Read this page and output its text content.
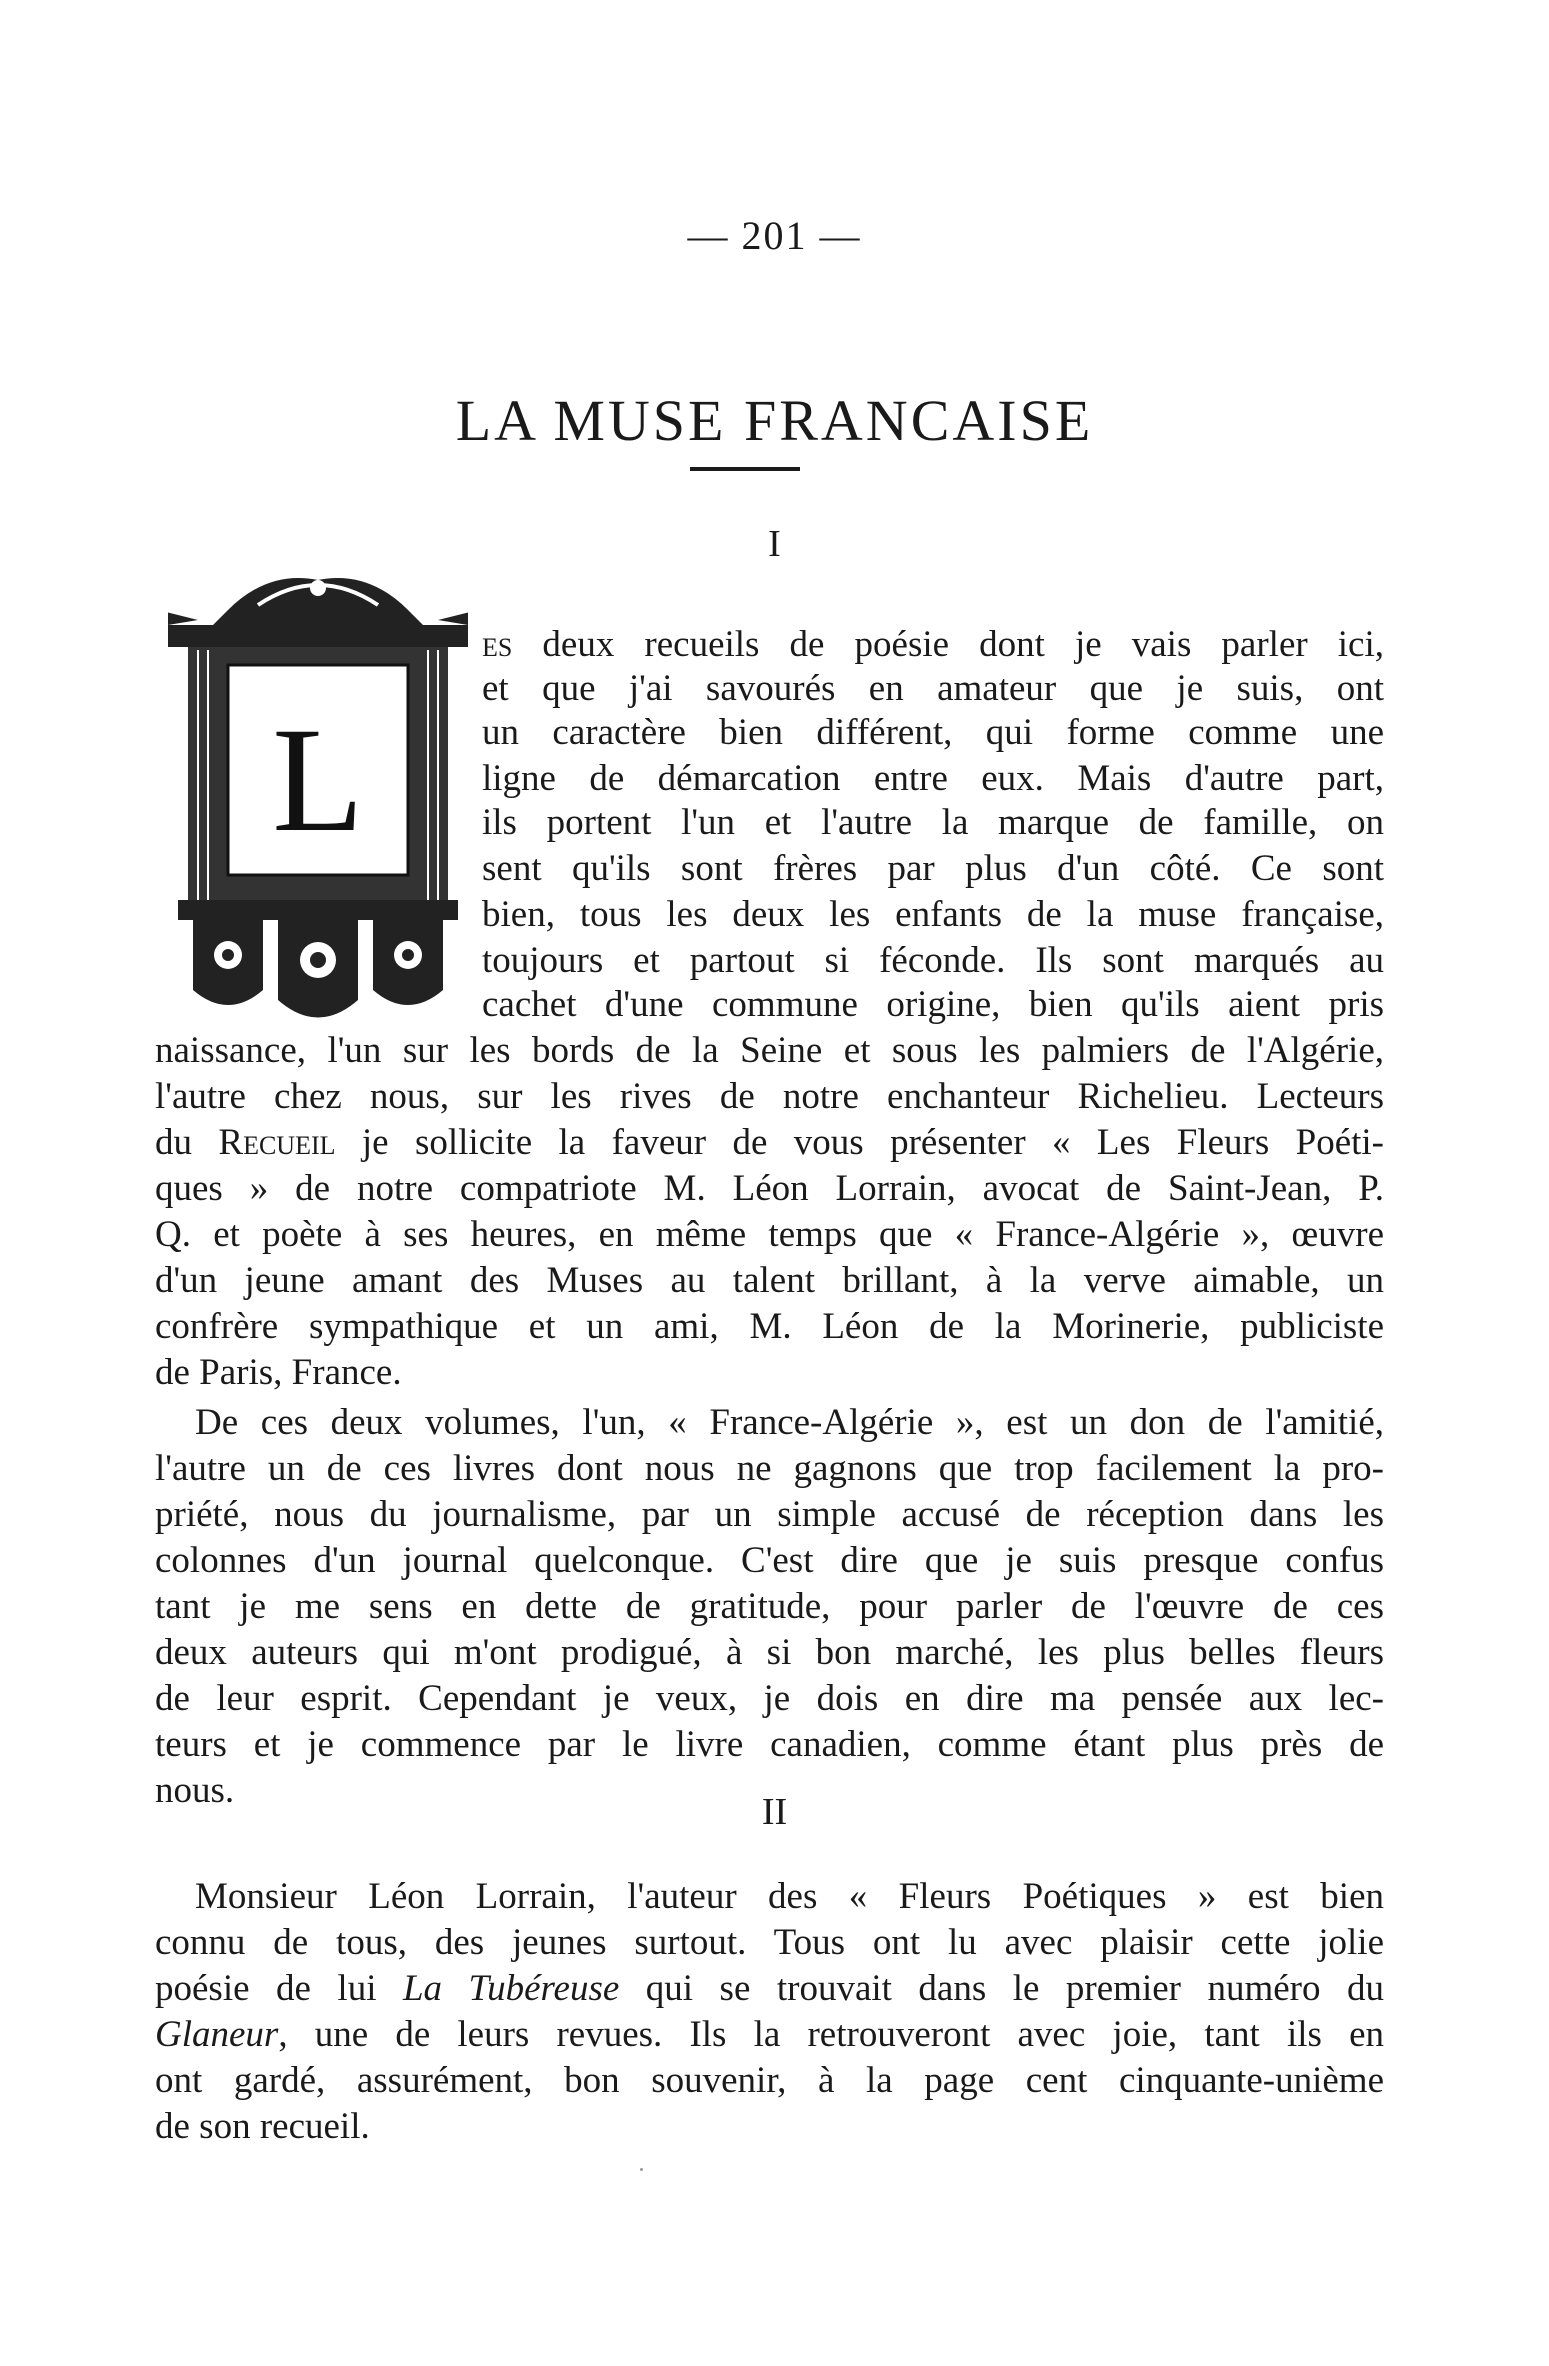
— 201 —
LA MUSE FRANCAISE
I
L
es deux recueils de poésie dont je vais parler ici,
et que j'ai savourés en amateur que je suis, ont
un caractère bien différent, qui forme comme une
ligne de démarcation entre eux. Mais d'autre part,
ils portent l'un et l'autre la marque de famille, on
sent qu'ils sont frères par plus d'un côté. Ce sont
bien, tous les deux les enfants de la muse française,
toujours et partout si féconde. Ils sont marqués au
cachet d'une commune origine, bien qu'ils aient pris
naissance, l'un sur les bords de la Seine et sous les palmiers de l'Algérie,
l'autre chez nous, sur les rives de notre enchanteur Richelieu. Lecteurs
du Recueil je sollicite la faveur de vous présenter « Les Fleurs Poéti-
ques » de notre compatriote M. Léon Lorrain, avocat de Saint-Jean, P.
Q. et poète à ses heures, en même temps que « France-Algérie », œuvre
d'un jeune amant des Muses au talent brillant, à la verve aimable, un
confrère sympathique et un ami, M. Léon de la Morinerie, publiciste
de Paris, France.
De ces deux volumes, l'un, « France-Algérie », est un don de l'amitié,
l'autre un de ces livres dont nous ne gagnons que trop facilement la pro-
priété, nous du journalisme, par un simple accusé de réception dans les
colonnes d'un journal quelconque. C'est dire que je suis presque confus
tant je me sens en dette de gratitude, pour parler de l'œuvre de ces
deux auteurs qui m'ont prodigué, à si bon marché, les plus belles fleurs
de leur esprit. Cependant je veux, je dois en dire ma pensée aux lec-
teurs et je commence par le livre canadien, comme étant plus près de
nous.
II
Monsieur Léon Lorrain, l'auteur des « Fleurs Poétiques » est bien
connu de tous, des jeunes surtout. Tous ont lu avec plaisir cette jolie
poésie de lui La Tubéreuse qui se trouvait dans le premier numéro du
Glaneur, une de leurs revues. Ils la retrouveront avec joie, tant ils en
ont gardé, assurément, bon souvenir, à la page cent cinquante-unième
de son recueil.
